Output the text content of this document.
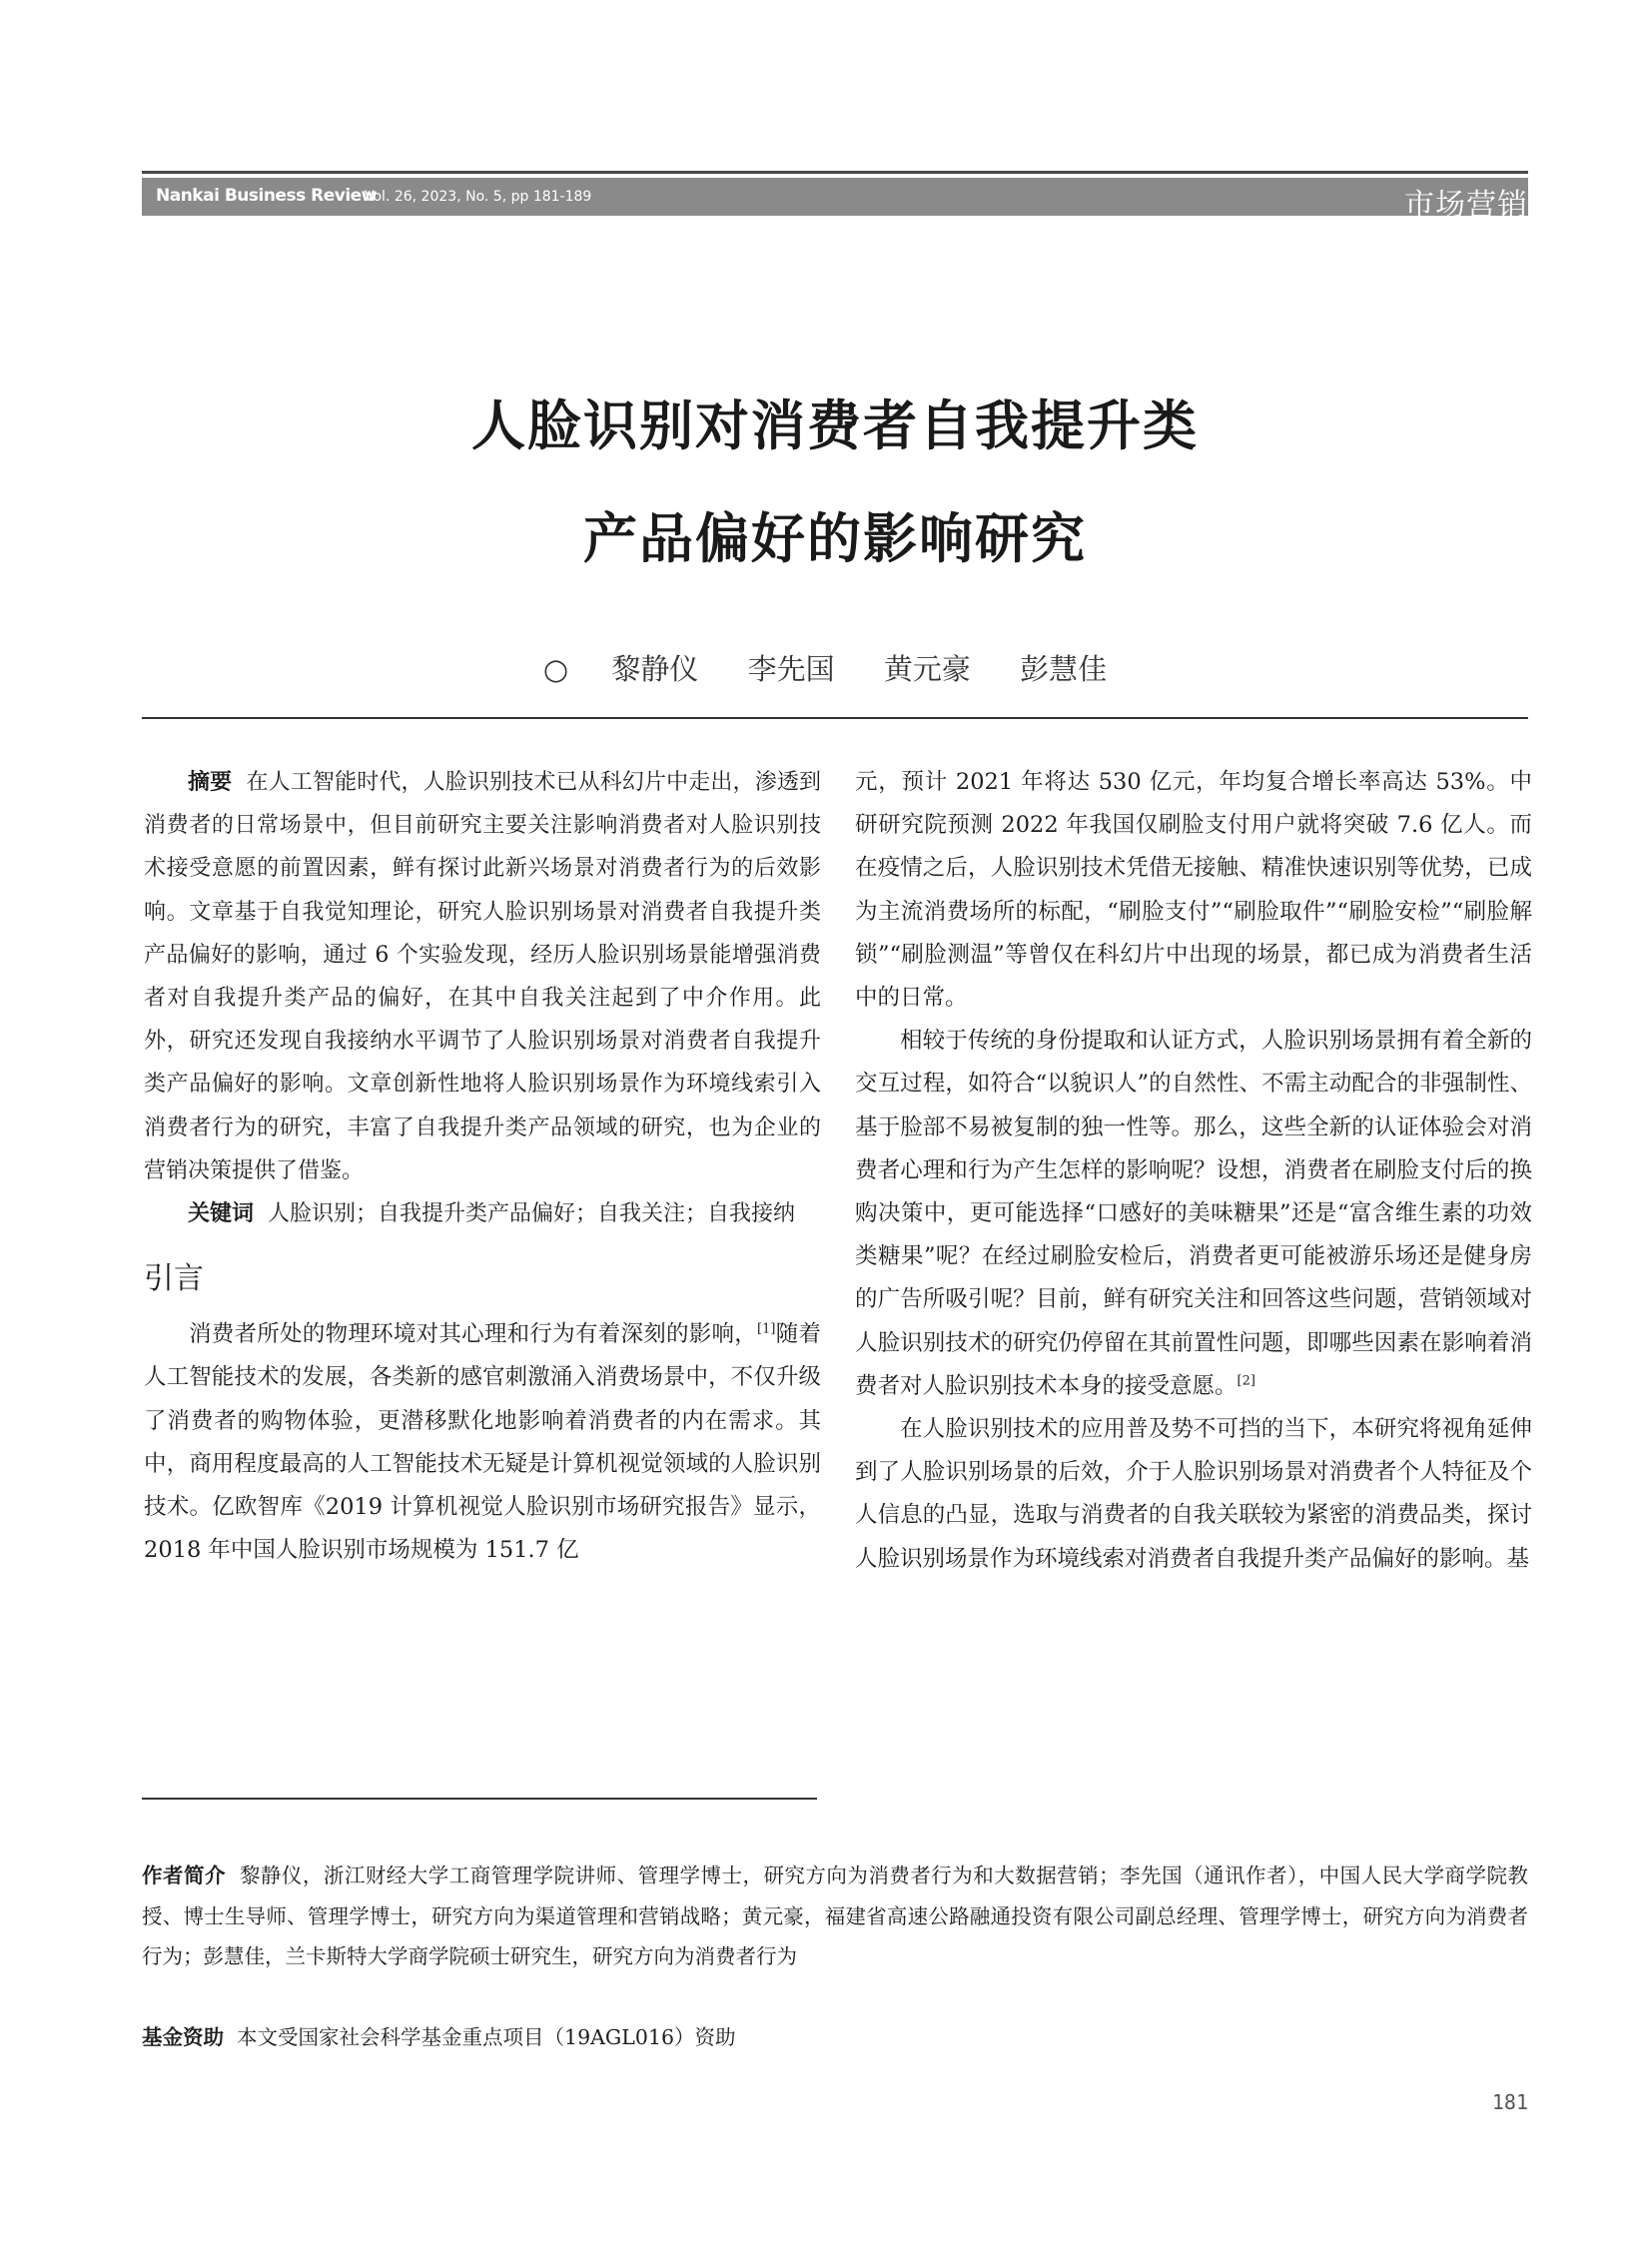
Nankai Business Review
Vol. 26, 2023, No. 5, pp 181-189	市场营销
人脸识别对消费者自我提升类
产品偏好的影响研究
○ 黎静仪 李先国 黄元豪 彭慧佳

摘要 在人工智能时代，人脸识别技术已从科幻片中走出，渗透到消费者的日常场景中，但目前研究主要关注影响消费者对人脸识别技术接受意愿的前置因素，鲜有探讨此新兴场景对消费者行为的后效影响。文章基于自我觉知理论，研究人脸识别场景对消费者自我提升类产品偏好的影响，通过 6 个实验发现，经历人脸识别场景能增强消费者对自我提升类产品的偏好，在其中自我关注起到了中介作用。此外，研究还发现自我接纳水平调节了人脸识别场景对消费者自我提升类产品偏好的影响。文章创新性地将人脸识别场景作为环境线索引入消费者行为的研究，丰富了自我提升类产品领域的研究，也为企业的营销决策提供了借鉴。

关键词 人脸识别；自我提升类产品偏好；自我关注；自我接纳

引言

消费者所处的物理环境对其心理和行为有着深刻的影响，[1]随着人工智能技术的发展，各类新的感官刺激涌入消费场景中，不仅升级了消费者的购物体验，更潜移默化地影响着消费者的内在需求。其中，商用程度最高的人工智能技术无疑是计算机视觉领域的人脸识别技术。亿欧智库《2019 计算机视觉人脸识别市场研究报告》显示，2018 年中国人脸识别市场规模为 151.7 亿

元，预计 2021 年将达 530 亿元，年均复合增长率高达 53%。中研研究院预测 2022 年我国仅刷脸支付用户就将突破 7.6 亿人。而在疫情之后，人脸识别技术凭借无接触、精准快速识别等优势，已成为主流消费场所的标配，“刷脸支付”“刷脸取件”“刷脸安检”“刷脸解锁”“刷脸测温”等曾仅在科幻片中出现的场景，都已成为消费者生活中的日常。

相较于传统的身份提取和认证方式，人脸识别场景拥有着全新的交互过程，如符合“以貌识人”的自然性、不需主动配合的非强制性、基于脸部不易被复制的独一性等。那么，这些全新的认证体验会对消费者心理和行为产生怎样的影响呢？设想，消费者在刷脸支付后的换购决策中，更可能选择“口感好的美味糖果”还是“富含维生素的功效类糖果”呢？在经过刷脸安检后，消费者更可能被游乐场还是健身房的广告所吸引呢？目前，鲜有研究关注和回答这些问题，营销领域对人脸识别技术的研究仍停留在其前置性问题，即哪些因素在影响着消费者对人脸识别技术本身的接受意愿。[2]

在人脸识别技术的应用普及势不可挡的当下，本研究将视角延伸到了人脸识别场景的后效，介于人脸识别场景对消费者个人特征及个人信息的凸显，选取与消费者的自我关联较为紧密的消费品类，探讨人脸识别场景作为环境线索对消费者自我提升类产品偏好的影响。基

作者简介 黎静仪，浙江财经大学工商管理学院讲师、管理学博士，研究方向为消费者行为和大数据营销；李先国（通讯作者），中国人民大学商学院教授、博士生导师、管理学博士，研究方向为渠道管理和营销战略；黄元豪，福建省高速公路融通投资有限公司副总经理、管理学博士，研究方向为消费者行为；彭慧佳，兰卡斯特大学商学院硕士研究生，研究方向为消费者行为
基金资助 本文受国家社会科学基金重点项目（19AGL016）资助
181
